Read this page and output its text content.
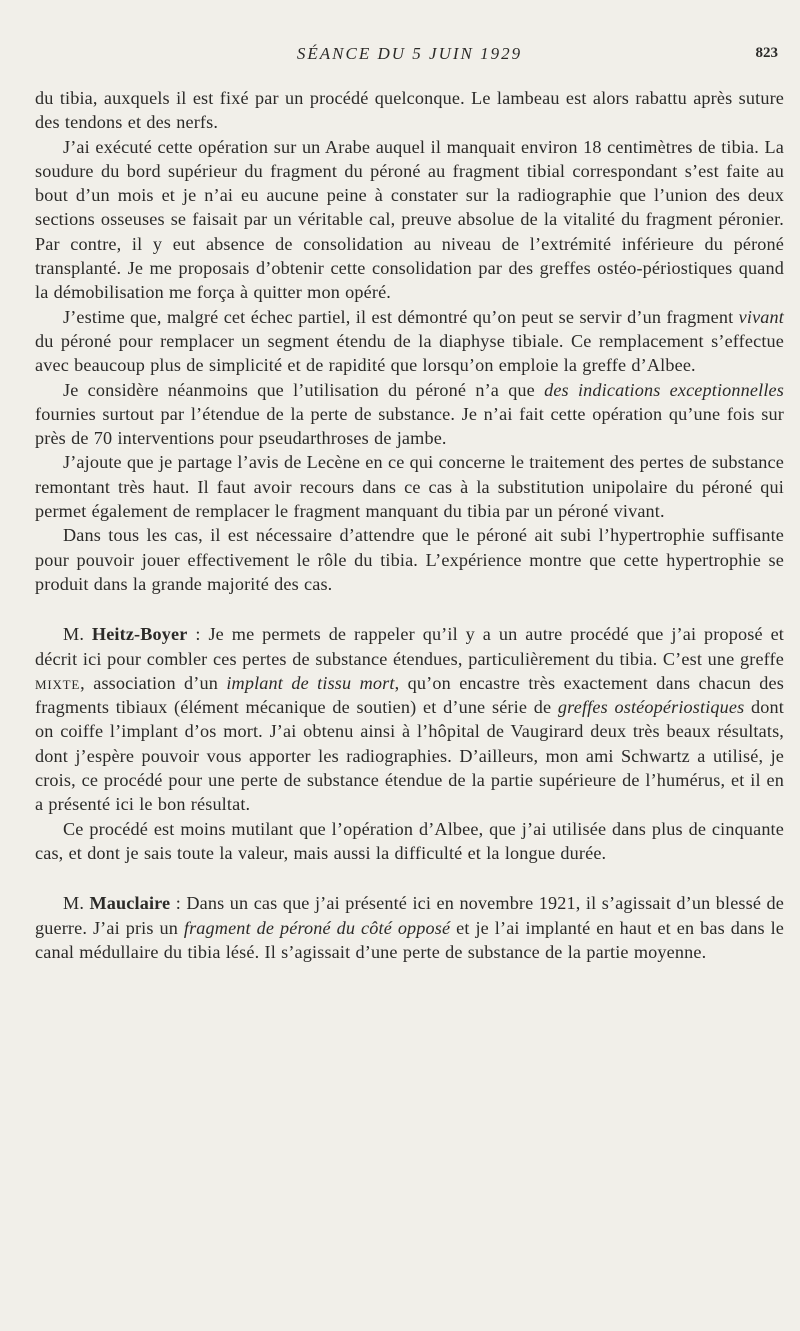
SÉANCE DU 5 JUIN 1929	823

du tibia, auxquels il est fixé par un procédé quelconque. Le lambeau est alors rabattu après suture des tendons et des nerfs.

J’ai exécuté cette opération sur un Arabe auquel il manquait environ 18 centimètres de tibia. La soudure du bord supérieur du fragment du péroné au fragment tibial correspondant s’est faite au bout d’un mois et je n’ai eu aucune peine à constater sur la radiographie que l’union des deux sections osseuses se faisait par un véritable cal, preuve absolue de la vitalité du fragment péronier. Par contre, il y eut absence de consolidation au niveau de l’extrémité inférieure du péroné transplanté. Je me proposais d’obtenir cette consolidation par des greffes ostéo-périostiques quand la démobilisation me força à quitter mon opéré.

J’estime que, malgré cet échec partiel, il est démontré qu’on peut se servir d’un fragment vivant du péroné pour remplacer un segment étendu de la diaphyse tibiale. Ce remplacement s’effectue avec beaucoup plus de simplicité et de rapidité que lorsqu’on emploie la greffe d’Albee.

Je considère néanmoins que l’utilisation du péroné n’a que des indications exceptionnelles fournies surtout par l’étendue de la perte de substance. Je n’ai fait cette opération qu’une fois sur près de 70 interventions pour pseudarthroses de jambe.

J’ajoute que je partage l’avis de Lecène en ce qui concerne le traitement des pertes de substance remontant très haut. Il faut avoir recours dans ce cas à la substitution unipolaire du péroné qui permet également de remplacer le fragment manquant du tibia par un péroné vivant.

Dans tous les cas, il est nécessaire d’attendre que le péroné ait subi l’hypertrophie suffisante pour pouvoir jouer effectivement le rôle du tibia. L’expérience montre que cette hypertrophie se produit dans la grande majorité des cas.

M. Heitz-Boyer : Je me permets de rappeler qu’il y a un autre procédé que j’ai proposé et décrit ici pour combler ces pertes de substance étendues, particulièrement du tibia. C’est une greffe mixte, association d’un implant de tissu mort, qu’on encastre très exactement dans chacun des fragments tibiaux (élément mécanique de soutien) et d’une série de greffes ostéopériostiques dont on coiffe l’implant d’os mort. J’ai obtenu ainsi à l’hôpital de Vaugirard deux très beaux résultats, dont j’espère pouvoir vous apporter les radiographies. D’ailleurs, mon ami Schwartz a utilisé, je crois, ce procédé pour une perte de substance étendue de la partie supérieure de l’humérus, et il en a présenté ici le bon résultat.

Ce procédé est moins mutilant que l’opération d’Albee, que j’ai utilisée dans plus de cinquante cas, et dont je sais toute la valeur, mais aussi la difficulté et la longue durée.

M. Mauclaire : Dans un cas que j’ai présenté ici en novembre 1921, il s’agissait d’un blessé de guerre. J’ai pris un fragment de péroné du côté opposé et je l’ai implanté en haut et en bas dans le canal médullaire du tibia lésé. Il s’agissait d’une perte de substance de la partie moyenne.
